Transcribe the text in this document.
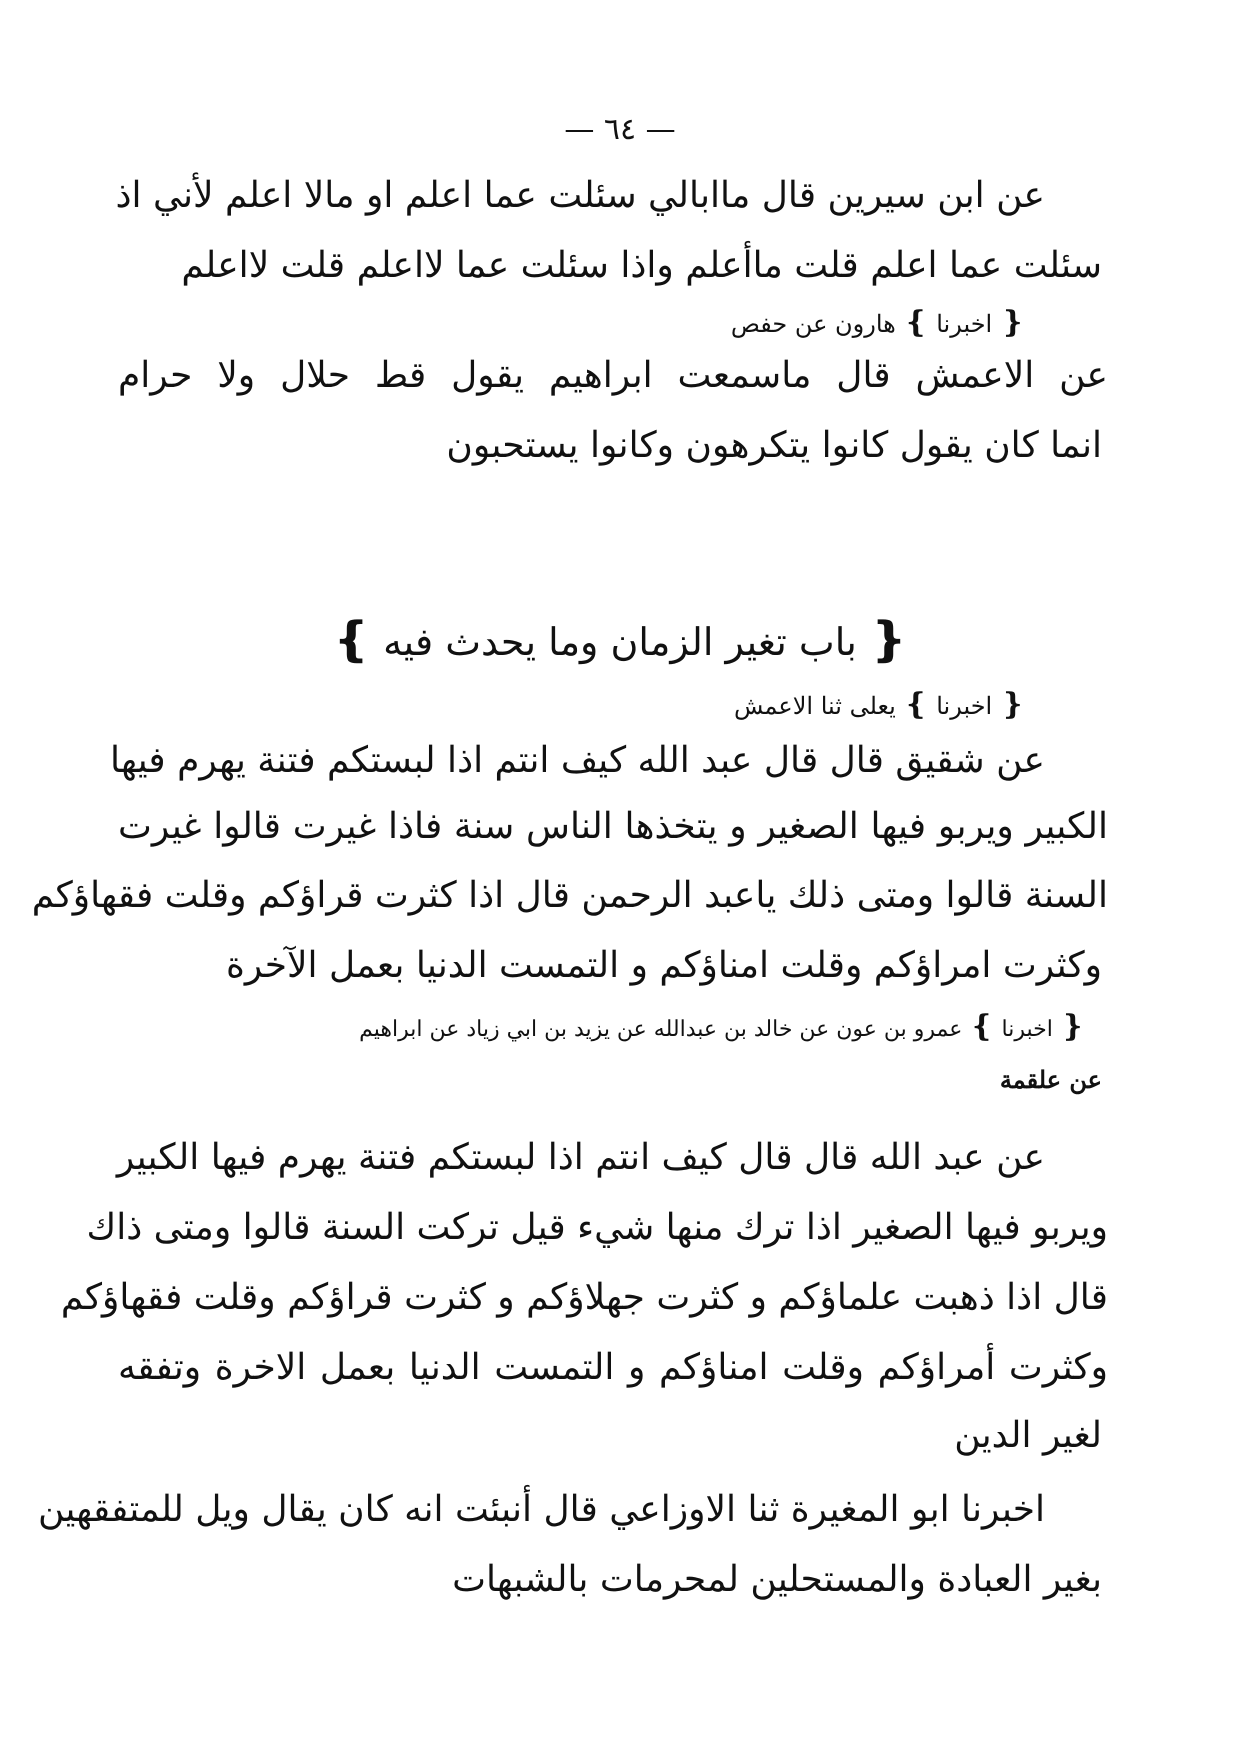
— ٦٤ —
عن ابن سيرين قال ماابالي سئلت عما اعلم او مالا اعلم لأني اذ
سئلت عما اعلم قلت ماأعلم واذا سئلت عما لااعلم قلت لااعلم
❴ اخبرنا ❵ هارون عن حفص
عن الاعمش قال ماسمعت ابراهيم يقول قط حلال ولا حرام
انما كان يقول كانوا يتكرهون وكانوا يستحبون
❴ باب تغير الزمان وما يحدث فيه ❵
❴ اخبرنا ❵ يعلى ثنا الاعمش
عن شقيق قال قال عبد الله كيف انتم اذا لبستكم فتنة يهرم فيها
الكبير ويربو فيها الصغير و يتخذها الناس سنة فاذا غيرت قالوا غيرت
السنة قالوا ومتى ذلك ياعبد الرحمن قال اذا كثرت قراؤكم وقلت فقهاؤكم
وكثرت امراؤكم وقلت امناؤكم و التمست الدنيا بعمل الآخرة
❴ اخبرنا ❵ عمرو بن عون عن خالد بن عبدالله عن يزيد بن ابي زياد عن ابراهيم
عن علقمة
عن عبد الله قال قال كيف انتم اذا لبستكم فتنة يهرم فيها الكبير
ويربو فيها الصغير اذا ترك منها شيء قيل تركت السنة قالوا ومتى ذاك
قال اذا ذهبت علماؤكم و كثرت جهلاؤكم و كثرت قراؤكم وقلت فقهاؤكم
وكثرت أمراؤكم وقلت امناؤكم و التمست الدنيا بعمل الاخرة وتفقه
لغير الدين
اخبرنا ابو المغيرة ثنا الاوزاعي قال أنبئت انه كان يقال ويل للمتفقهين
بغير العبادة والمستحلين لمحرمات بالشبهات
